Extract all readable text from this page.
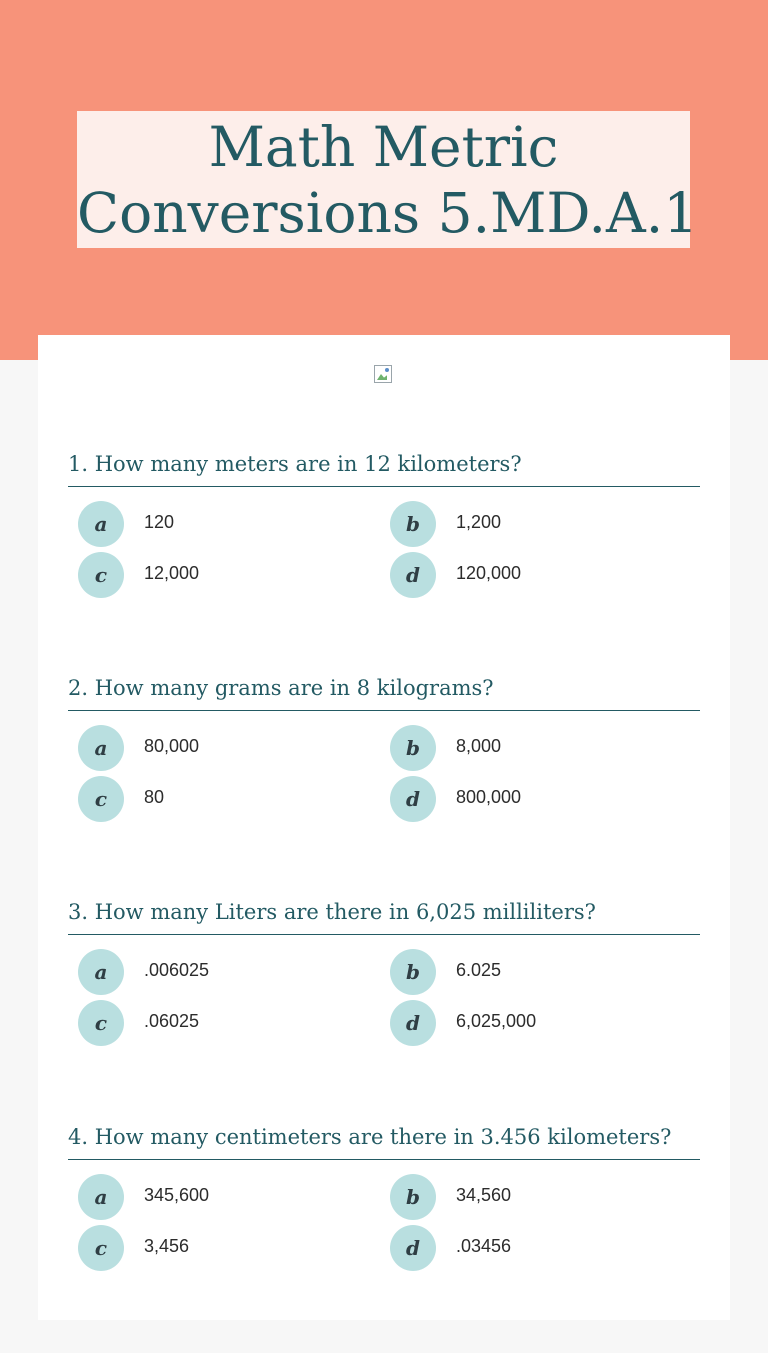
Math Metric
Conversions 5.MD.A.1
1. How many meters are in 12 kilometers?
a	120	b	1,200
c	12,000	d	120,000
2. How many grams are in 8 kilograms?
a	80,000	b	8,000
c	80	d	800,000
3. How many Liters are there in 6,025 milliliters?
a	.006025	b	6.025
c	.06025	d	6,025,000
4. How many centimeters are there in 3.456 kilometers?
a	345,600	b	34,560
c	3,456	d	.03456
